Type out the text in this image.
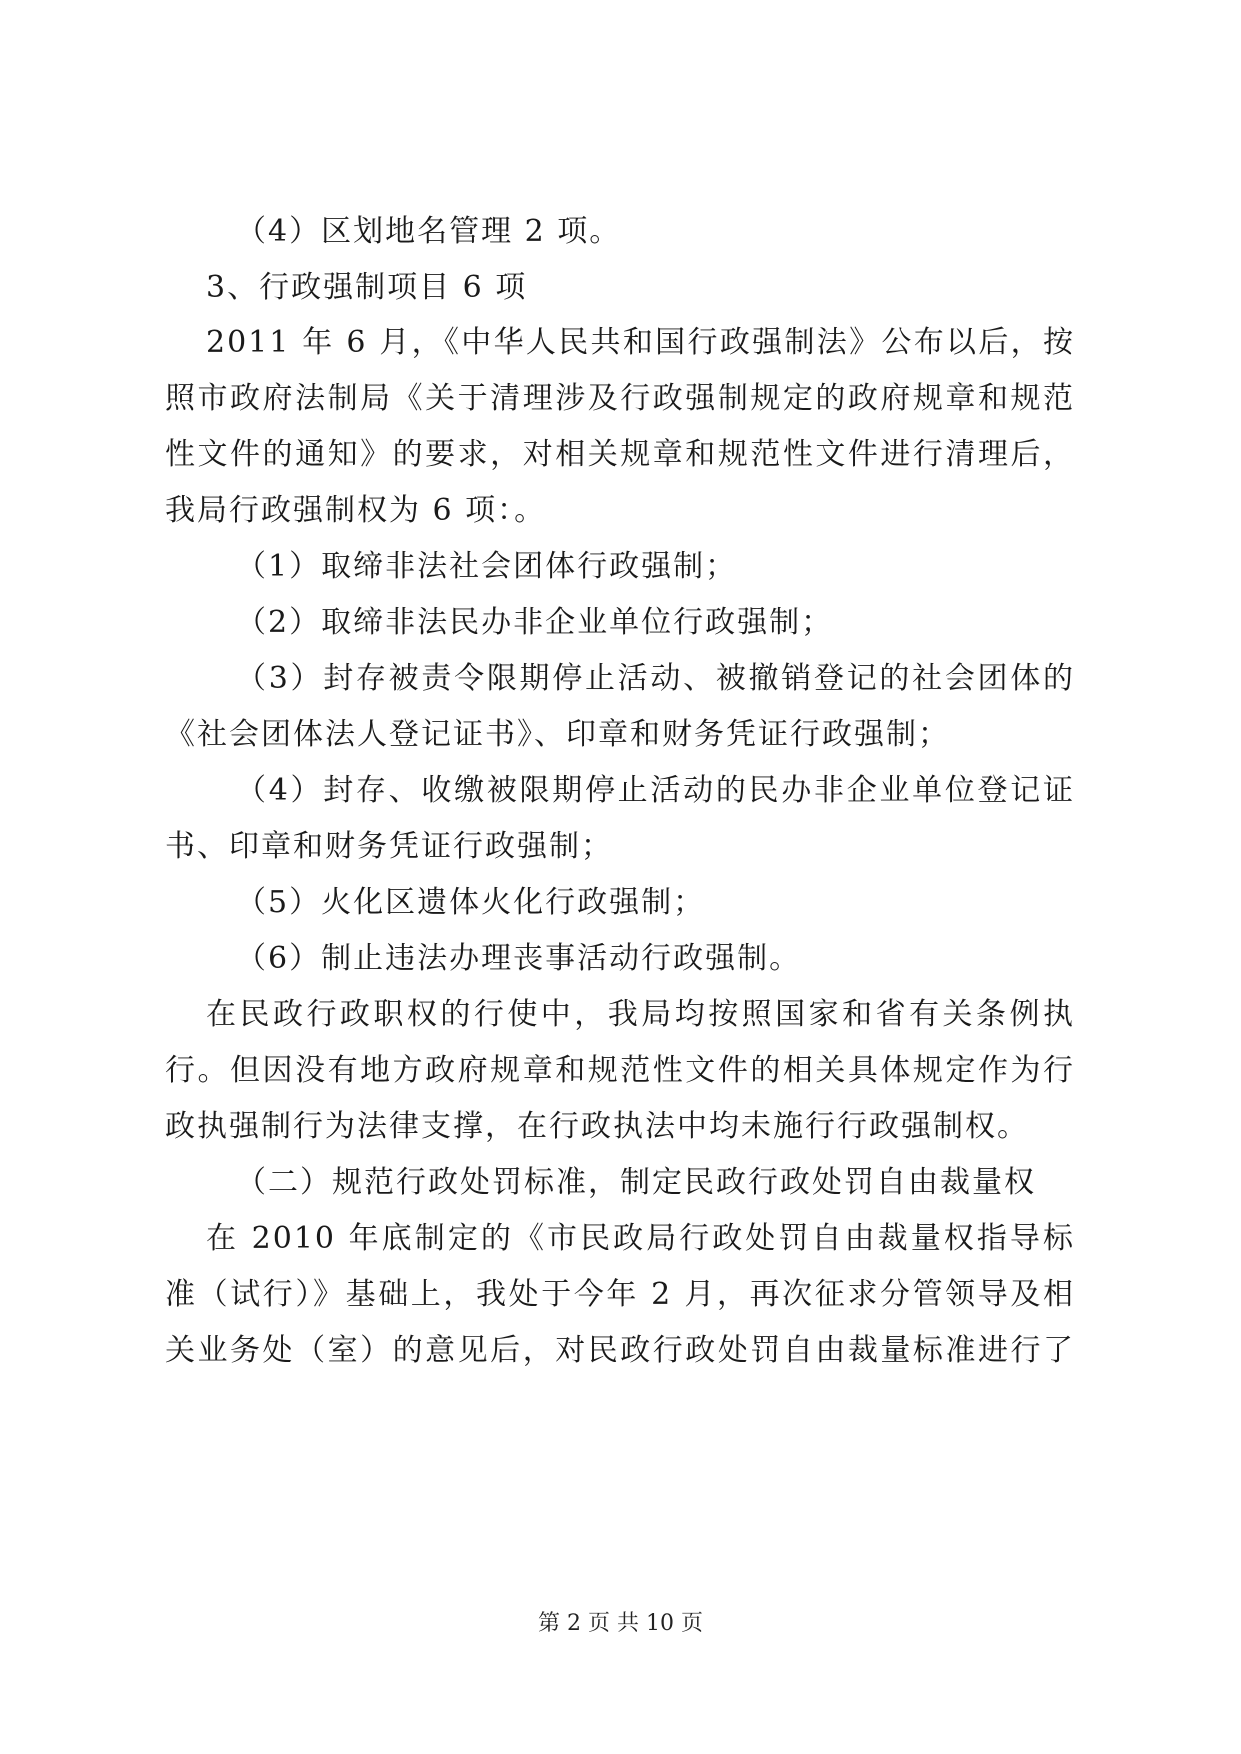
（4）区划地名管理 2 项。
3、行政强制项目 6 项
2011 年 6 月，《中华人民共和国行政强制法》公布以后，按
照市政府法制局《关于清理涉及行政强制规定的政府规章和规范
性文件的通知》的要求，对相关规章和规范性文件进行清理后，
我局行政强制权为 6 项：。
（1）取缔非法社会团体行政强制；
（2）取缔非法民办非企业单位行政强制；
（3）封存被责令限期停止活动、被撤销登记的社会团体的
《社会团体法人登记证书》、印章和财务凭证行政强制；
（4）封存、收缴被限期停止活动的民办非企业单位登记证
书、印章和财务凭证行政强制；
（5）火化区遗体火化行政强制；
（6）制止违法办理丧事活动行政强制。
在民政行政职权的行使中，我局均按照国家和省有关条例执
行。但因没有地方政府规章和规范性文件的相关具体规定作为行
政执强制行为法律支撑，在行政执法中均未施行行政强制权。
（二）规范行政处罚标准，制定民政行政处罚自由裁量权
在 2010 年底制定的《市民政局行政处罚自由裁量权指导标
准（试行）》基础上，我处于今年 2 月，再次征求分管领导及相
关业务处（室）的意见后，对民政行政处罚自由裁量标准进行了
第 2 页 共 10 页
